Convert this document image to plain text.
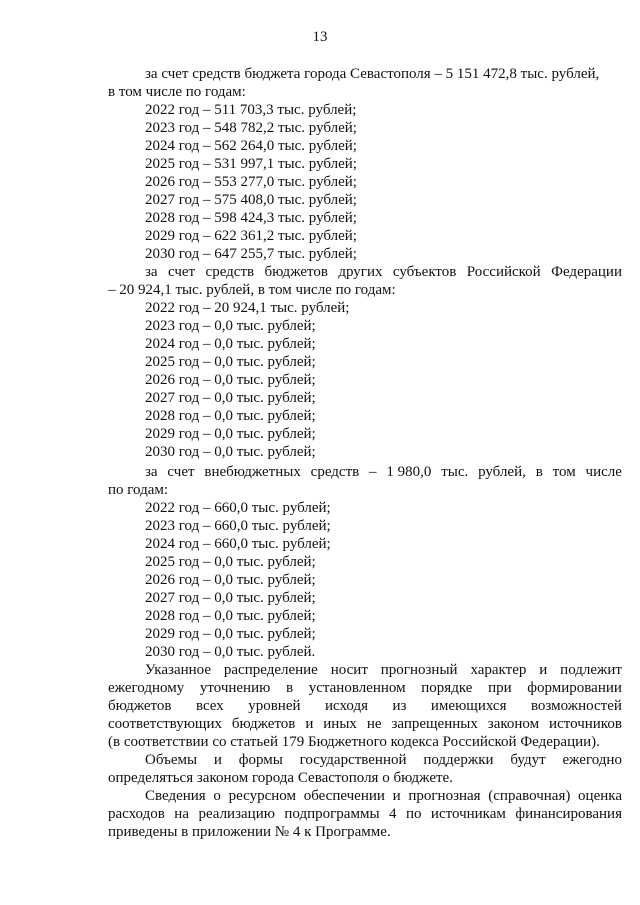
13
за счет средств бюджета города Севастополя – 5 151 472,8 тыс. рублей,
в том числе по годам:
2022 год – 511 703,3 тыс. рублей;
2023 год – 548 782,2 тыс. рублей;
2024 год – 562 264,0 тыс. рублей;
2025 год – 531 997,1 тыс. рублей;
2026 год – 553 277,0 тыс. рублей;
2027 год – 575 408,0 тыс. рублей;
2028 год – 598 424,3 тыс. рублей;
2029 год – 622 361,2 тыс. рублей;
2030 год – 647 255,7 тыс. рублей;
за счет средств бюджетов других субъектов Российской Федерации
– 20 924,1 тыс. рублей, в том числе по годам:
2022 год – 20 924,1 тыс. рублей;
2023 год – 0,0 тыс. рублей;
2024 год – 0,0 тыс. рублей;
2025 год – 0,0 тыс. рублей;
2026 год – 0,0 тыс. рублей;
2027 год – 0,0 тыс. рублей;
2028 год – 0,0 тыс. рублей;
2029 год – 0,0 тыс. рублей;
2030 год – 0,0 тыс. рублей;
за счет внебюджетных средств – 1 980,0 тыс. рублей, в том числе
по годам:
2022 год – 660,0 тыс. рублей;
2023 год – 660,0 тыс. рублей;
2024 год – 660,0 тыс. рублей;
2025 год – 0,0 тыс. рублей;
2026 год – 0,0 тыс. рублей;
2027 год – 0,0 тыс. рублей;
2028 год – 0,0 тыс. рублей;
2029 год – 0,0 тыс. рублей;
2030 год – 0,0 тыс. рублей.
Указанное распределение носит прогнозный характер и подлежит
ежегодному уточнению в установленном порядке при формировании
бюджетов всех уровней исходя из имеющихся возможностей
соответствующих бюджетов и иных не запрещенных законом источников
(в соответствии со статьей 179 Бюджетного кодекса Российской Федерации).
Объемы и формы государственной поддержки будут ежегодно
определяться законом города Севастополя о бюджете.
Сведения о ресурсном обеспечении и прогнозная (справочная) оценка
расходов на реализацию подпрограммы 4 по источникам финансирования
приведены в приложении № 4 к Программе.
